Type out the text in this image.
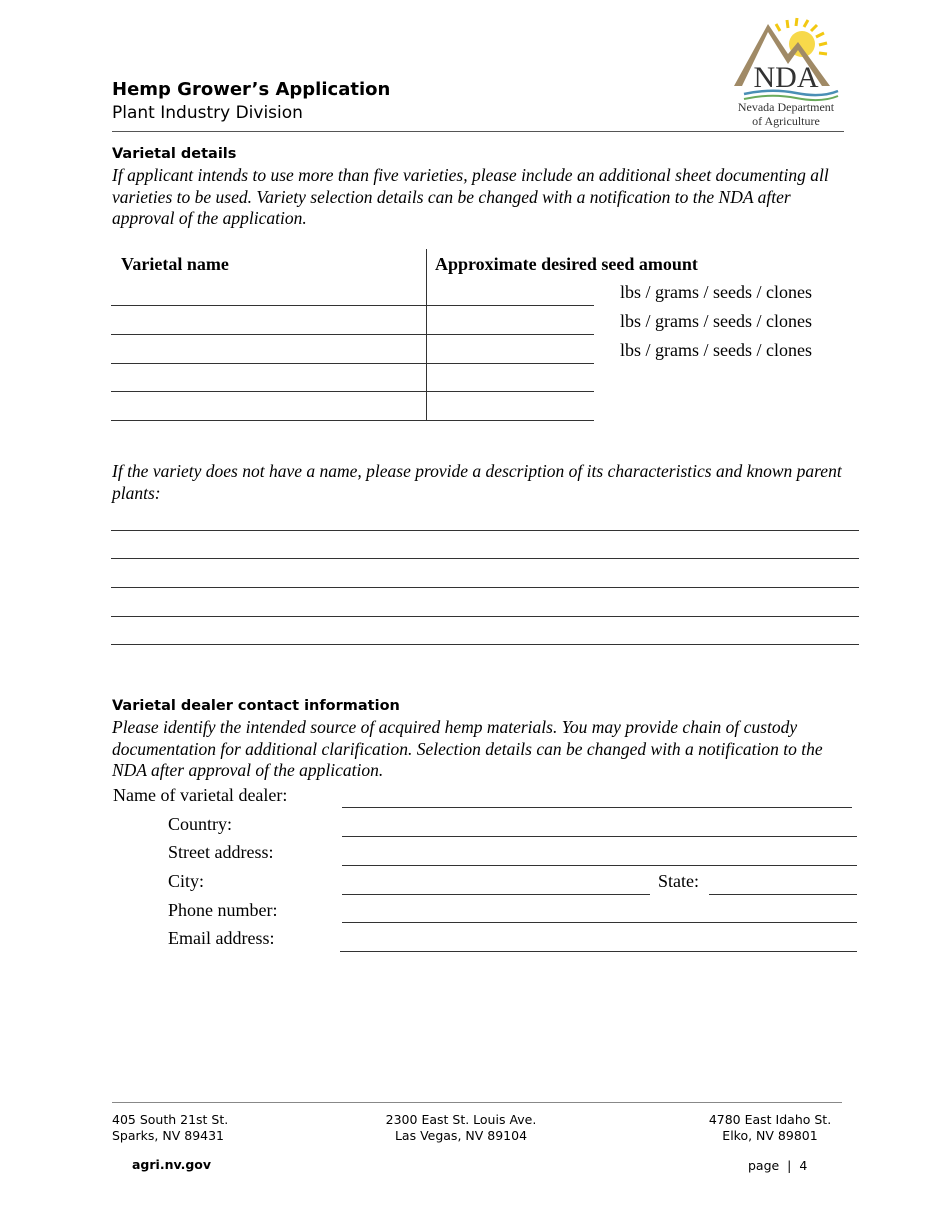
Hemp Grower’s Application
Plant Industry Division
NDA
Nevada Department
of Agriculture
Varietal details
If applicant intends to use more than five varieties, please include an additional sheet documenting all varieties to be used. Variety selection details can be changed with a notification to the NDA after approval of the application.
Varietal name	Approximate desired seed amount
lbs / grams / seeds / clones
lbs / grams / seeds / clones
lbs / grams / seeds / clones
If the variety does not have a name, please provide a description of its characteristics and known parent plants:
Varietal dealer contact information
Please identify the intended source of acquired hemp materials. You may provide chain of custody documentation for additional clarification. Selection details can be changed with a notification to the NDA after approval of the application.
Name of varietal dealer:
Country:
Street address:
City:	State:
Phone number:
Email address:
405 South 21st St.
Sparks, NV 89431
2300 East St. Louis Ave.
Las Vegas, NV 89104
4780 East Idaho St.
Elko, NV 89801
agri.nv.gov	page  |  4
